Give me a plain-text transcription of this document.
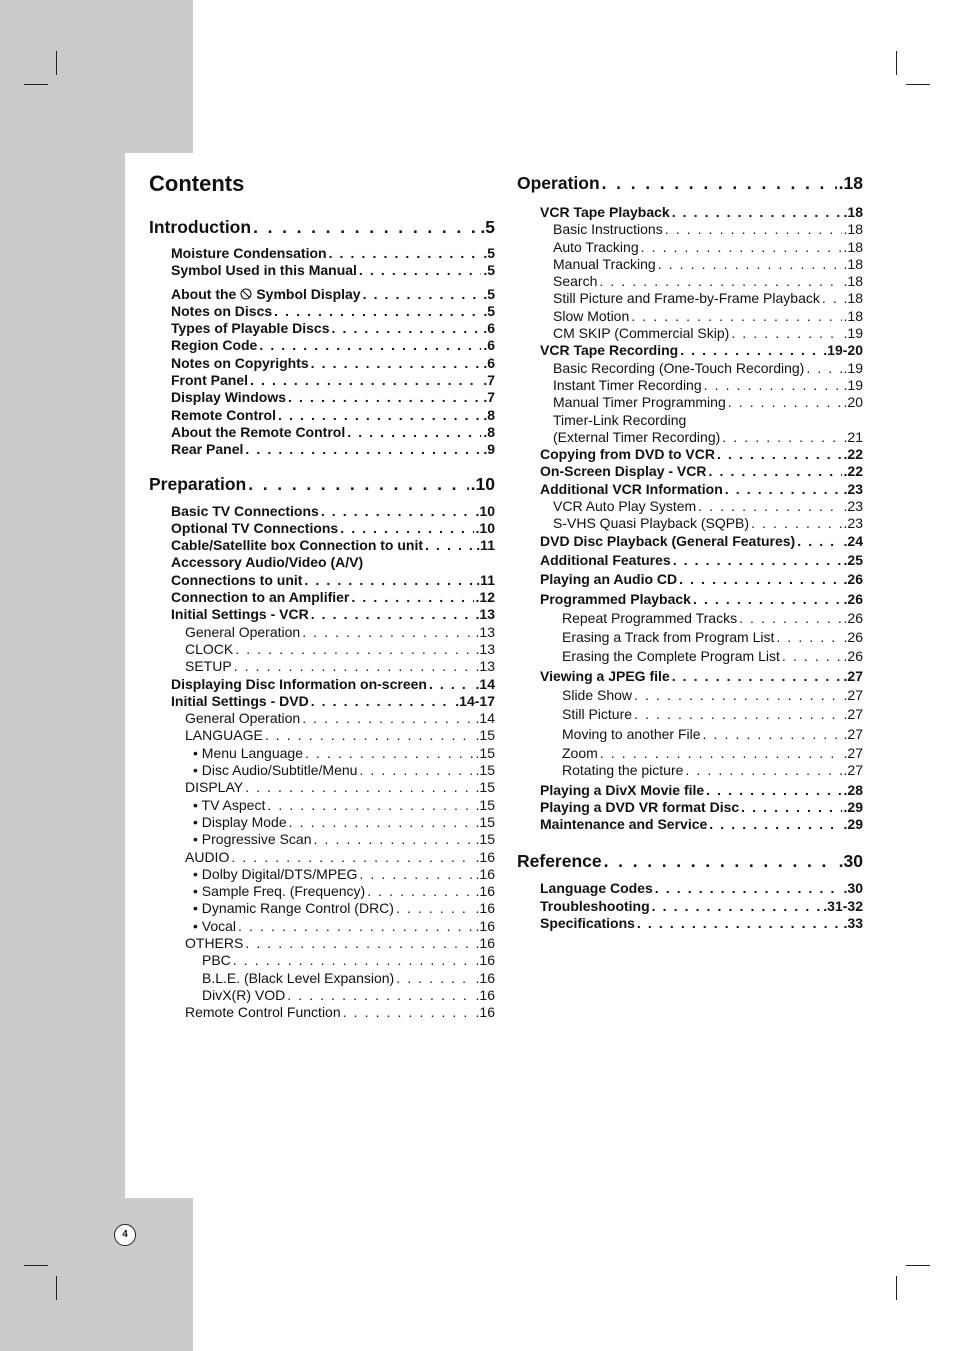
4
Contents
Introduction . . .	.5
Moisture Condensation . . .	.5
Symbol Used in this Manual . . .	.5
About the Symbol Display . . .	.5
Notes on Discs . . .	.5
Types of Playable Discs . . .	.6
Region Code . . .	.6
Notes on Copyrights . . .	.6
Front Panel . . .	.7
Display Windows . . .	.7
Remote Control . . .	.8
About the Remote Control . . .	.8
Rear Panel . . .	.9
Preparation . . .	.10
Basic TV Connections . . .	.10
Optional TV Connections . . .	.10
Cable/Satellite box Connection to unit . . .	.11
Accessory Audio/Video (A/V)
Connections to unit . . .	.11
Connection to an Amplifier . . .	.12
Initial Settings - VCR . . .	.13
General Operation . . .	.13
CLOCK . . .	.13
SETUP . . .	.13
Displaying Disc Information on-screen . . .	.14
Initial Settings - DVD . . .	.14-17
General Operation . . .	.14
LANGUAGE . . .	.15
• Menu Language . . .	.15
• Disc Audio/Subtitle/Menu . . .	.15
DISPLAY . . .	.15
• TV Aspect . . .	.15
• Display Mode . . .	.15
• Progressive Scan . . .	.15
AUDIO . . .	.16
• Dolby Digital/DTS/MPEG . . .	.16
• Sample Freq. (Frequency) . . .	.16
• Dynamic Range Control (DRC) . . .	.16
• Vocal . . .	.16
OTHERS . . .	.16
PBC . . .	.16
B.L.E. (Black Level Expansion) . . .	.16
DivX(R) VOD . . .	.16
Remote Control Function . . .	.16
Operation . . .	.18
VCR Tape Playback . . .	.18
Basic Instructions . . .	.18
Auto Tracking . . .	.18
Manual Tracking . . .	.18
Search . . .	.18
Still Picture and Frame-by-Frame Playback . . . .18
Slow Motion . . .	.18
CM SKIP (Commercial Skip) . . .	.19
VCR Tape Recording . . .	.19-20
Basic Recording (One-Touch Recording) . . .	.19
Instant Timer Recording . . .	.19
Manual Timer Programming . . .	.20
Timer-Link Recording
(External Timer Recording) . . .	.21
Copying from DVD to VCR . . .	.22
On-Screen Display - VCR . . .	.22
Additional VCR Information . . .	.23
VCR Auto Play System . . .	.23
S-VHS Quasi Playback (SQPB) . . .	.23
DVD Disc Playback (General Features) . . .	.24
Additional Features . . .	.25
Playing an Audio CD . . .	.26
Programmed Playback . . .	.26
Repeat Programmed Tracks . . .	.26
Erasing a Track from Program List . . .	.26
Erasing the Complete Program List . . .	.26
Viewing a JPEG file . . .	.27
Slide Show . . .	.27
Still Picture . . .	.27
Moving to another File . . .	.27
Zoom . . .	.27
Rotating the picture . . .	.27
Playing a DivX Movie file . . .	.28
Playing a DVD VR format Disc . . .	.29
Maintenance and Service . . .	.29
Reference . . .	.30
Language Codes . . .	.30
Troubleshooting . . .	.31-32
Specifications . . .	.33
